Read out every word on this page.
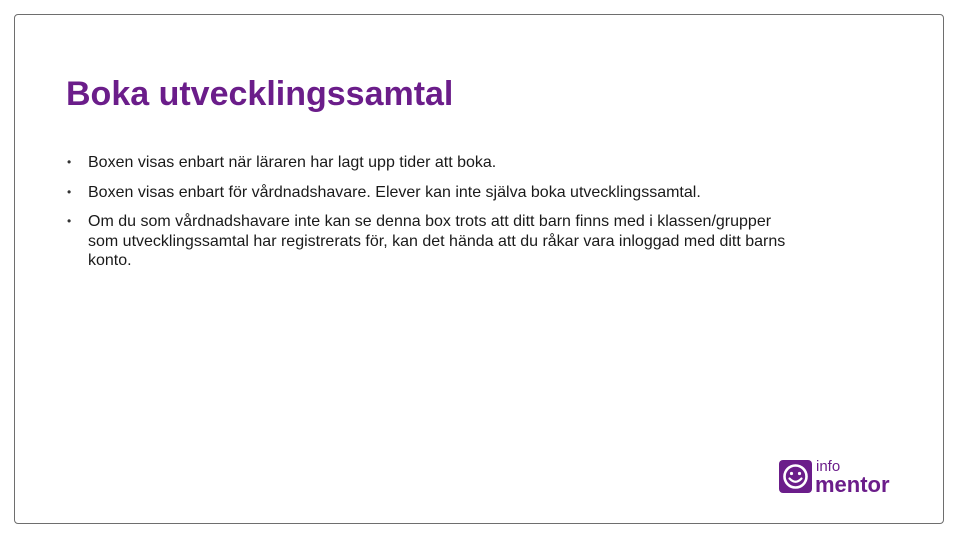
Boka utvecklingssamtal
•	Boxen visas enbart när läraren har lagt upp tider att boka.
•	Boxen visas enbart för vårdnadshavare. Elever kan inte själva boka utvecklingssamtal.
•	Om du som vårdnadshavare inte kan se denna box trots att ditt barn finns med i klassen/grupper som utvecklingssamtal har registrerats för, kan det hända att du råkar vara inloggad med ditt barns konto.
info
mentor
